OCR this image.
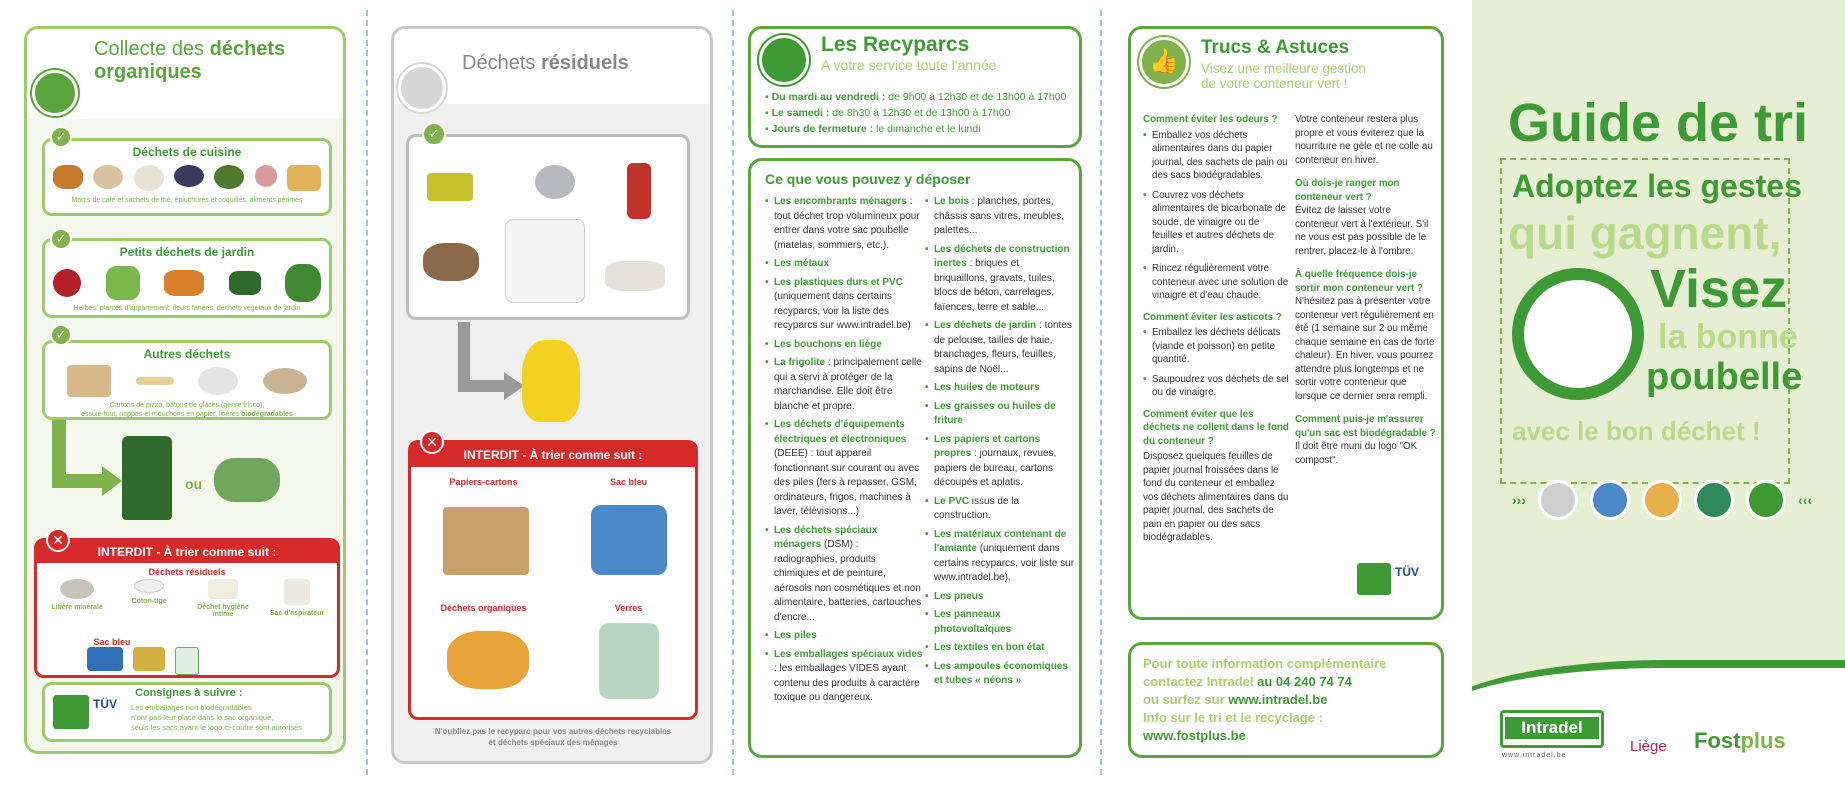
Collecte des déchets
organiques
Déchets de cuisine
Marcs de café et sachets de thé, épluchures et coquilles, aliments périmés
✓
Petits déchets de jardin
Herbes, plantes d'appartement, fleurs fanées, déchets végétaux de jardin
✓
Autres déchets
Cartons de pizza, bâtons de glaces (genre frisco),
essuie-tout, nappes et mouchoirs en papier, litières biodégradables
✓
ou
INTERDIT - À trier comme suit :
Déchets résiduels
Litière minérale
Coton-tige
Déchet hygiène intime	Sac d'aspirateur
Sac bleu
✕
TÜV
Consignes à suivre :
Les emballages non biodégradables
n'ont pas leur place dans le sac organique,
seuls les sacs ayant le logo ci-contre sont autorisés
Déchets résiduels
✓
INTERDIT - À trier comme suit :
Papiers-cartons	Sac bleu
Déchets organiques	Verres
✕
N'oubliez pas le recyparc pour vos autres déchets recyclables
et déchets spéciaux des ménages
Les Recyparcs
A votre service toute l'année
• Du mardi au vendredi : de 9h00 à 12h30 et de 13h00 à 17h00
• Le samedi : de 8h30 à 12h30 et de 13h00 à 17h00
• Jours de fermeture : le dimanche et le lundi
Ce que vous pouvez y déposer
• Les encombrants ménagers : tout déchet trop volumineux pour entrer dans votre sac poubelle (matelas, sommiers, etc.).
• Les métaux
• Les plastiques durs et PVC (uniquement dans certains recyparcs, voir la liste des recyparcs sur www.intradel.be)
• Les bouchons en liège
• La frigolite : principalement celle qui a servi à protéger de la marchandise. Elle doit être blanche et propre.
• Les déchets d'équipements électriques et électroniques (DEEE) : tout appareil fonctionnant sur courant ou avec des piles (fers à repasser, GSM, ordinateurs, frigos, machines à laver, télévisions...)
• Les déchets spéciaux ménagers (DSM) : radiographies, produits chimiques et de peinture, aérosols non cosmétiques et non alimentaire, batteries, cartouches d'encre...
• Les piles
• Les emballages spéciaux vides : les emballages VIDES ayant contenu des produits à caractère toxique ou dangereux.
• Le bois : planches, portes, châssis sans vitres, meubles, palettes...
• Les déchets de construction inertes : briques et briquaillons, gravats, tuiles, blocs de béton, carrelages, faïences, terre et sable...
• Les déchets de jardin : tontes de pelouse, tailles de haie, branchages, fleurs, feuilles, sapins de Noël...
• Les huiles de moteurs
• Les graisses ou huiles de friture
• Les papiers et cartons propres : journaux, revues, papiers de bureau, cartons découpés et aplatis.
• Le PVC issus de la construction.
• Les matériaux contenant de l'amiante (uniquement dans certains recyparcs, voir liste sur www.intradel.be).
• Les pneus
• Les panneaux photovoltaïques
• Les textiles en bon état
• Les ampoules économiques et tubes « néons »
👍
Trucs & Astuces
Visez une meilleure gestion
de votre conteneur vert !
Comment éviter les odeurs ?
• Emballez vos déchets alimentaires dans du papier journal, des sachets de pain ou des sacs biodégradables.
• Couvrez vos déchets alimentaires de bicarbonate de soude, de vinaigre ou de feuilles et autres déchets de jardin.
• Rincez régulièrement votre conteneur avec une solution de vinaigre et d'eau chaude.
Comment éviter les asticots ?
• Emballez les déchets délicats (viande et poisson) en petite quantité.
• Saupoudrez vos déchets de sel ou de vinaigre.
Comment éviter que les déchets ne collent dans le fond du conteneur ?
Disposez quelques feuilles de papier journal froissées dans le fond du conteneur et emballez vos déchets alimentaires dans du papier journal, des sachets de pain en papier ou des sacs biodégradables.
Votre conteneur restera plus propre et vous éviterez que la nourriture ne gèle et ne colle au conteneur en hiver.
Où dois-je ranger mon conteneur vert ?
Évitez de laisser votre conteneur vert à l'extérieur. S'il ne vous est pas possible de le rentrer, placez-le à l'ombre.
À quelle fréquence dois-je sortir mon conteneur vert ?
N'hésitez pas à présenter votre conteneur vert régulièrement en été (1 semaine sur 2 ou même chaque semaine en cas de forte chaleur). En hiver, vous pourrez attendre plus longtemps et ne sortir votre conteneur que lorsque ce dernier sera rempli.
Comment puis-je m'assurer qu'un sac est biodégradable ?
Il doit être muni du logo "OK compost".
TÜV
Pour toute information complémentaire
contactez Intradel au 04 240 74 74
ou surfez sur www.intradel.be
Info sur le tri et le recyclage :
www.fostplus.be
Guide de tri
Adoptez les gestes
qui gagnent,
Visez
la bonne
poubelle
avec le bon déchet !
›››	‹‹‹
Intradel
www.intradel.be
Liège Fostplus
